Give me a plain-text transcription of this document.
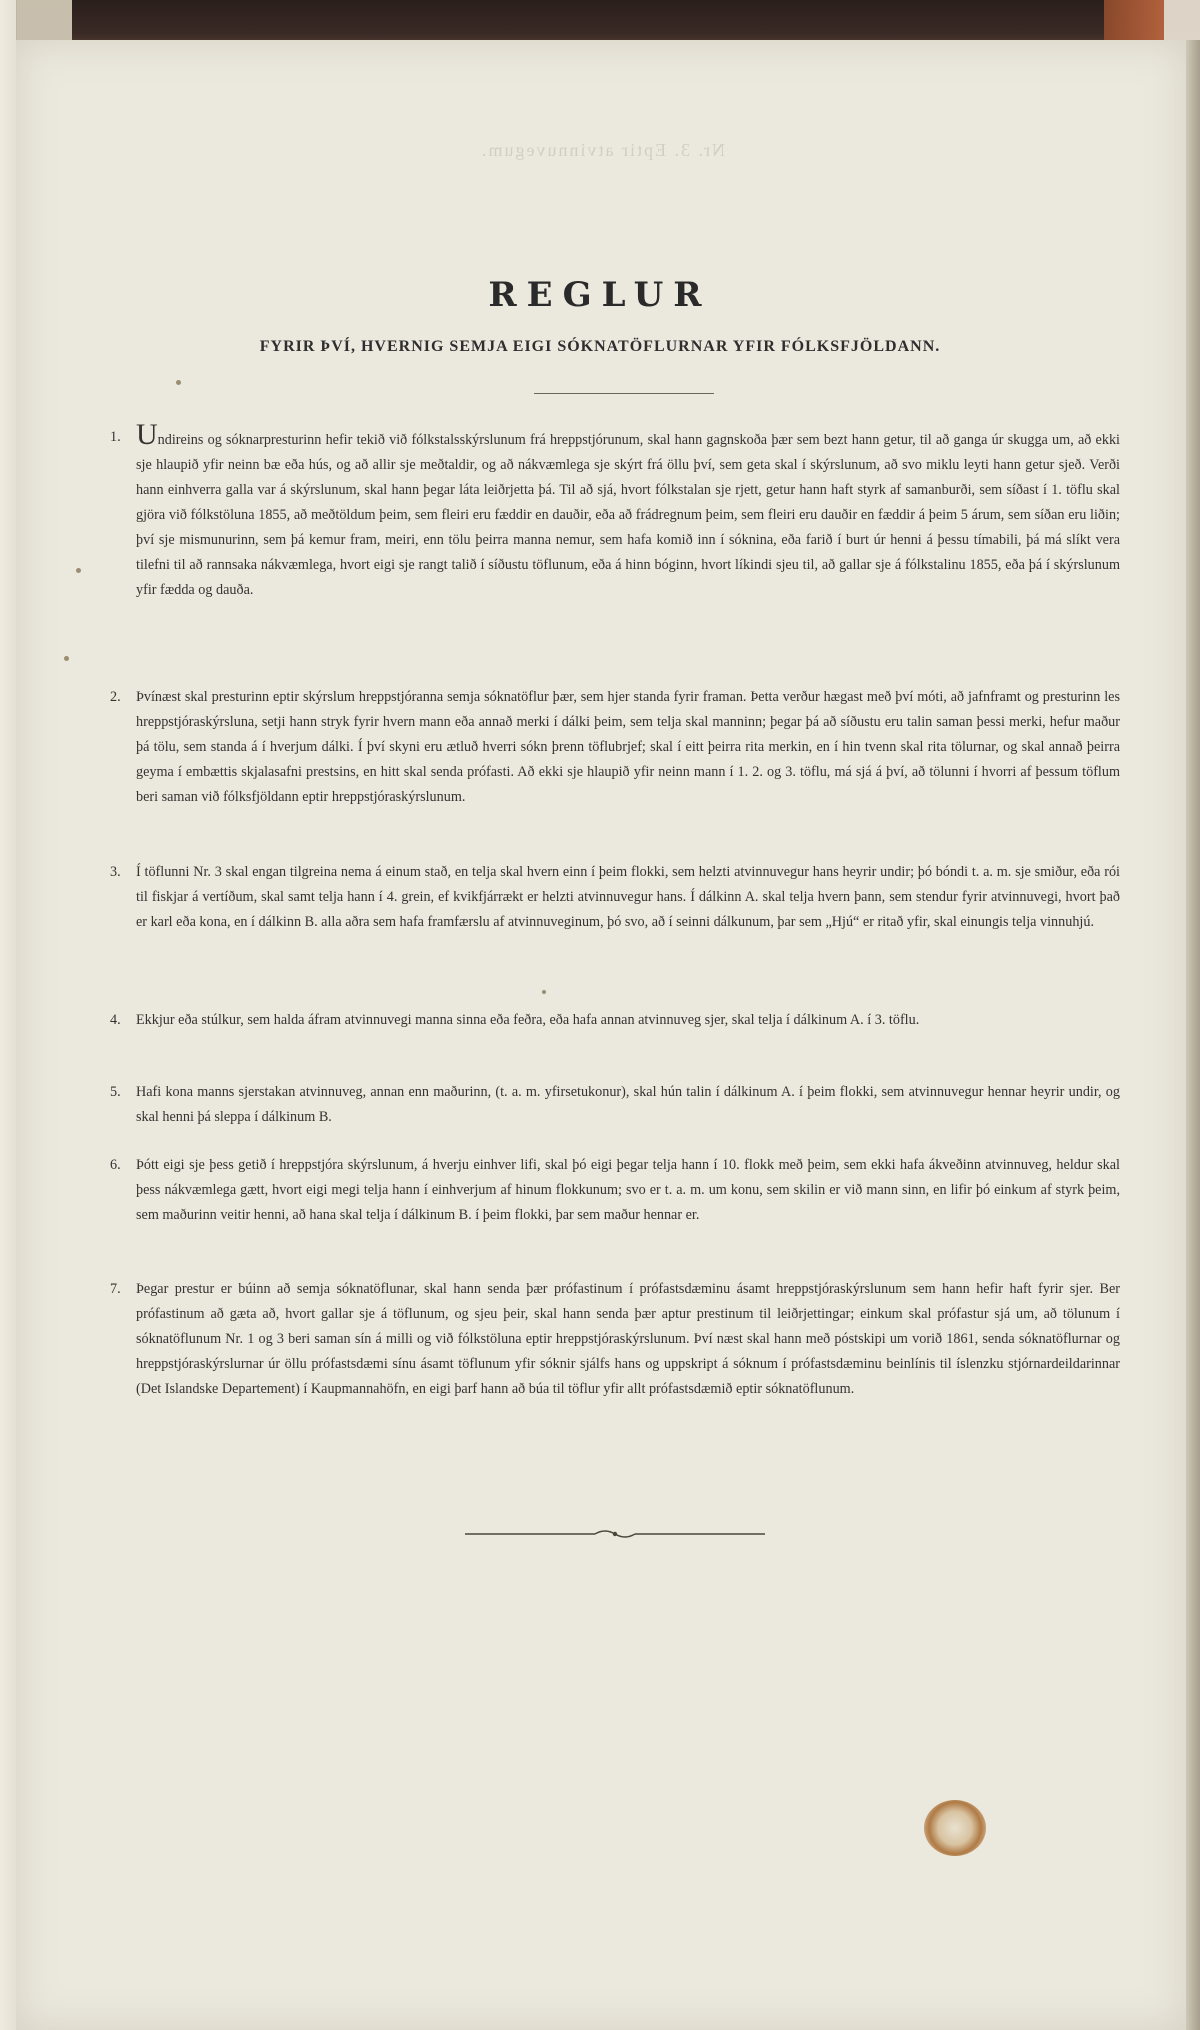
Nr. 3. Eptir atvinnuvegum.
REGLUR
FYRIR ÞVÍ, HVERNIG SEMJA EIGI SÓKNATÖFLURNAR YFIR FÓLKSFJÖLDANN.
1. Undireins og sóknarpresturinn hefir tekið við fólkstalsskýrslunum frá hreppstjórunum, skal hann gagnskoða þær sem bezt hann getur, til að ganga úr skugga um, að ekki sje hlaupið yfir neinn bæ eða hús, og að allir sje meðtaldir, og að nákvæmlega sje skýrt frá öllu því, sem geta skal í skýrslunum, að svo miklu leyti hann getur sjeð. Verði hann einhverra galla var á skýrslunum, skal hann þegar láta leiðrjetta þá. Til að sjá, hvort fólkstalan sje rjett, getur hann haft styrk af samanburði, sem síðast í 1. töflu skal gjöra við fólkstöluna 1855, að meðtöldum þeim, sem fleiri eru fæddir en dauðir, eða að frádregnum þeim, sem fleiri eru dauðir en fæddir á þeim 5 árum, sem síðan eru liðin; því sje mismunurinn, sem þá kemur fram, meiri, enn tölu þeirra manna nemur, sem hafa komið inn í sóknina, eða farið í burt úr henni á þessu tímabili, þá má slíkt vera tilefni til að rannsaka nákvæmlega, hvort eigi sje rangt talið í síðustu töflunum, eða á hinn bóginn, hvort líkindi sjeu til, að gallar sje á fólkstalinu 1855, eða þá í skýrslunum yfir fædda og dauða.
2. Þvínæst skal presturinn eptir skýrslum hreppstjóranna semja sóknatöflur þær, sem hjer standa fyrir framan. Þetta verður hægast með því móti, að jafnframt og presturinn les hreppstjóraskýrsluna, setji hann stryk fyrir hvern mann eða annað merki í dálki þeim, sem telja skal manninn; þegar þá að síðustu eru talin saman þessi merki, hefur maður þá tölu, sem standa á í hverjum dálki. Í því skyni eru ætluð hverri sókn þrenn töflubrjef; skal í eitt þeirra rita merkin, en í hin tvenn skal rita tölurnar, og skal annað þeirra geyma í embættis skjalasafni prestsins, en hitt skal senda prófasti. Að ekki sje hlaupið yfir neinn mann í 1. 2. og 3. töflu, má sjá á því, að tölunni í hvorri af þessum töflum beri saman við fólksfjöldann eptir hreppstjóraskýrslunum.
3. Í töflunni Nr. 3 skal engan tilgreina nema á einum stað, en telja skal hvern einn í þeim flokki, sem helzti atvinnuvegur hans heyrir undir; þó bóndi t. a. m. sje smiður, eða rói til fiskjar á vertíðum, skal samt telja hann í 4. grein, ef kvikfjárrækt er helzti atvinnuvegur hans. Í dálkinn A. skal telja hvern þann, sem stendur fyrir atvinnuvegi, hvort það er karl eða kona, en í dálkinn B. alla aðra sem hafa framfærslu af atvinnuveginum, þó svo, að í seinni dálkunum, þar sem „Hjú“ er ritað yfir, skal einungis telja vinnuhjú.
4. Ekkjur eða stúlkur, sem halda áfram atvinnuvegi manna sinna eða feðra, eða hafa annan atvinnuveg sjer, skal telja í dálkinum A. í 3. töflu.
5. Hafi kona manns sjerstakan atvinnuveg, annan enn maðurinn, (t. a. m. yfirsetukonur), skal hún talin í dálkinum A. í þeim flokki, sem atvinnuvegur hennar heyrir undir, og skal henni þá sleppa í dálkinum B.
6. Þótt eigi sje þess getið í hreppstjóra skýrslunum, á hverju einhver lifi, skal þó eigi þegar telja hann í 10. flokk með þeim, sem ekki hafa ákveðinn atvinnuveg, heldur skal þess nákvæmlega gætt, hvort eigi megi telja hann í einhverjum af hinum flokkunum; svo er t. a. m. um konu, sem skilin er við mann sinn, en lifir þó einkum af styrk þeim, sem maðurinn veitir henni, að hana skal telja í dálkinum B. í þeim flokki, þar sem maður hennar er.
7. Þegar prestur er búinn að semja sóknatöflunar, skal hann senda þær prófastinum í prófastsdæminu ásamt hreppstjóraskýrslunum sem hann hefir haft fyrir sjer. Ber prófastinum að gæta að, hvort gallar sje á töflunum, og sjeu þeir, skal hann senda þær aptur prestinum til leiðrjettingar; einkum skal prófastur sjá um, að tölunum í sóknatöflunum Nr. 1 og 3 beri saman sín á milli og við fólkstöluna eptir hreppstjóraskýrslunum. Því næst skal hann með póstskipi um vorið 1861, senda sóknatöflurnar og hreppstjóraskýrslurnar úr öllu prófastsdæmi sínu ásamt töflunum yfir sóknir sjálfs hans og uppskript á sóknum í prófastsdæminu beinlínis til íslenzku stjórnardeildarinnar (Det Islandske Departement) í Kaupmannahöfn, en eigi þarf hann að búa til töflur yfir allt prófastsdæmið eptir sóknatöflunum.
